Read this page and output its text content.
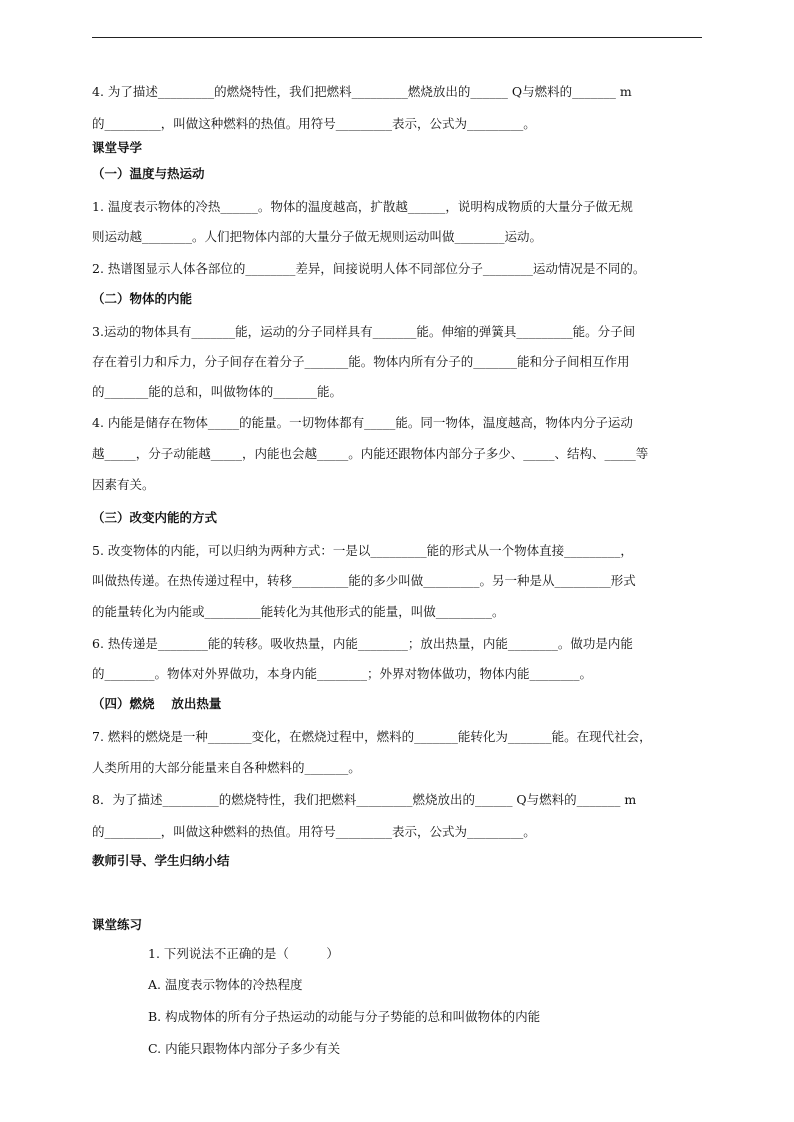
4. 为了描述_________的燃烧特性，我们把燃料_________燃烧放出的______ Q与燃料的_______ m
的_________，叫做这种燃料的热值。用符号_________表示，公式为_________。
课堂导学
（一）温度与热运动
1. 温度表示物体的冷热______。物体的温度越高，扩散越______，说明构成物质的大量分子做无规
则运动越________。人们把物体内部的大量分子做无规则运动叫做________运动。
2. 热谱图显示人体各部位的________差异，间接说明人体不同部位分子________运动情况是不同的。
（二）物体的内能
3.运动的物体具有_______能，运动的分子同样具有_______能。伸缩的弹簧具_________能。分子间
存在着引力和斥力，分子间存在着分子_______能。物体内所有分子的_______能和分子间相互作用
的_______能的总和，叫做物体的_______能。
4. 内能是储存在物体_____的能量。一切物体都有_____能。同一物体，温度越高，物体内分子运动
越_____，分子动能越_____，内能也会越_____。内能还跟物体内部分子多少、_____、结构、_____等
因素有关。
（三）改变内能的方式
5. 改变物体的内能，可以归纳为两种方式：一是以_________能的形式从一个物体直接_________，
叫做热传递。在热传递过程中，转移_________能的多少叫做_________。另一种是从_________形式
的能量转化为内能或_________能转化为其他形式的能量，叫做_________。
6. 热传递是________能的转移。吸收热量，内能________；放出热量，内能________。做功是内能
的________。物体对外界做功，本身内能________；外界对物体做功，物体内能________。
（四）燃烧　 放出热量
7. 燃料的燃烧是一种_______变化，在燃烧过程中，燃料的_______能转化为_______能。在现代社会，
人类所用的大部分能量来自各种燃料的_______。
8．为了描述_________的燃烧特性，我们把燃料_________燃烧放出的______ Q与燃料的_______ m
的_________，叫做这种燃料的热值。用符号_________表示，公式为_________。
教师引导、学生归纳小结
课堂练习
1. 下列说法不正确的是（　　　）
A. 温度表示物体的冷热程度
B. 构成物体的所有分子热运动的动能与分子势能的总和叫做物体的内能
C. 内能只跟物体内部分子多少有关
